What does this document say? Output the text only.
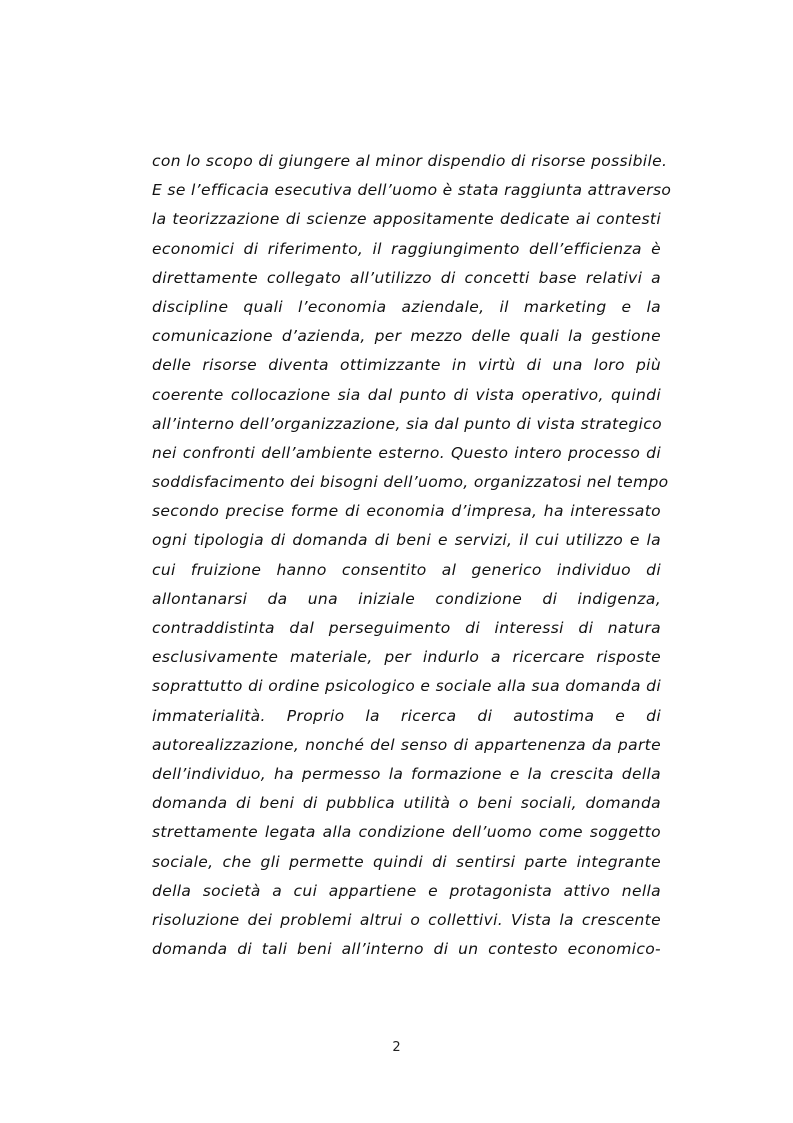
con lo scopo di giungere al minor dispendio di risorse possibile.
E se l’efficacia esecutiva dell’uomo è stata raggiunta attraverso
la teorizzazione di scienze appositamente dedicate ai contesti
economici di riferimento, il raggiungimento dell’efficienza è
direttamente collegato all’utilizzo di concetti base relativi a
discipline quali l’economia aziendale, il marketing e la
comunicazione d’azienda, per mezzo delle quali la gestione
delle risorse diventa ottimizzante in virtù di una loro più
coerente collocazione sia dal punto di vista operativo, quindi
all’interno dell’organizzazione, sia dal punto di vista strategico
nei confronti dell’ambiente esterno. Questo intero processo di
soddisfacimento dei bisogni dell’uomo, organizzatosi nel tempo
secondo precise forme di economia d’impresa, ha interessato
ogni tipologia di domanda di beni e servizi, il cui utilizzo e la
cui fruizione hanno consentito al generico individuo di
allontanarsi da una iniziale condizione di indigenza,
contraddistinta dal perseguimento di interessi di natura
esclusivamente materiale, per indurlo a ricercare risposte
soprattutto di ordine psicologico e sociale alla sua domanda di
immaterialità. Proprio la ricerca di autostima e di
autorealizzazione, nonché del senso di appartenenza da parte
dell’individuo, ha permesso la formazione e la crescita della
domanda di beni di pubblica utilità o beni sociali, domanda
strettamente legata alla condizione dell’uomo come soggetto
sociale, che gli permette quindi di sentirsi parte integrante
della società a cui appartiene e protagonista attivo nella
risoluzione dei problemi altrui o collettivi. Vista la crescente
domanda di tali beni all’interno di un contesto economico-
2
